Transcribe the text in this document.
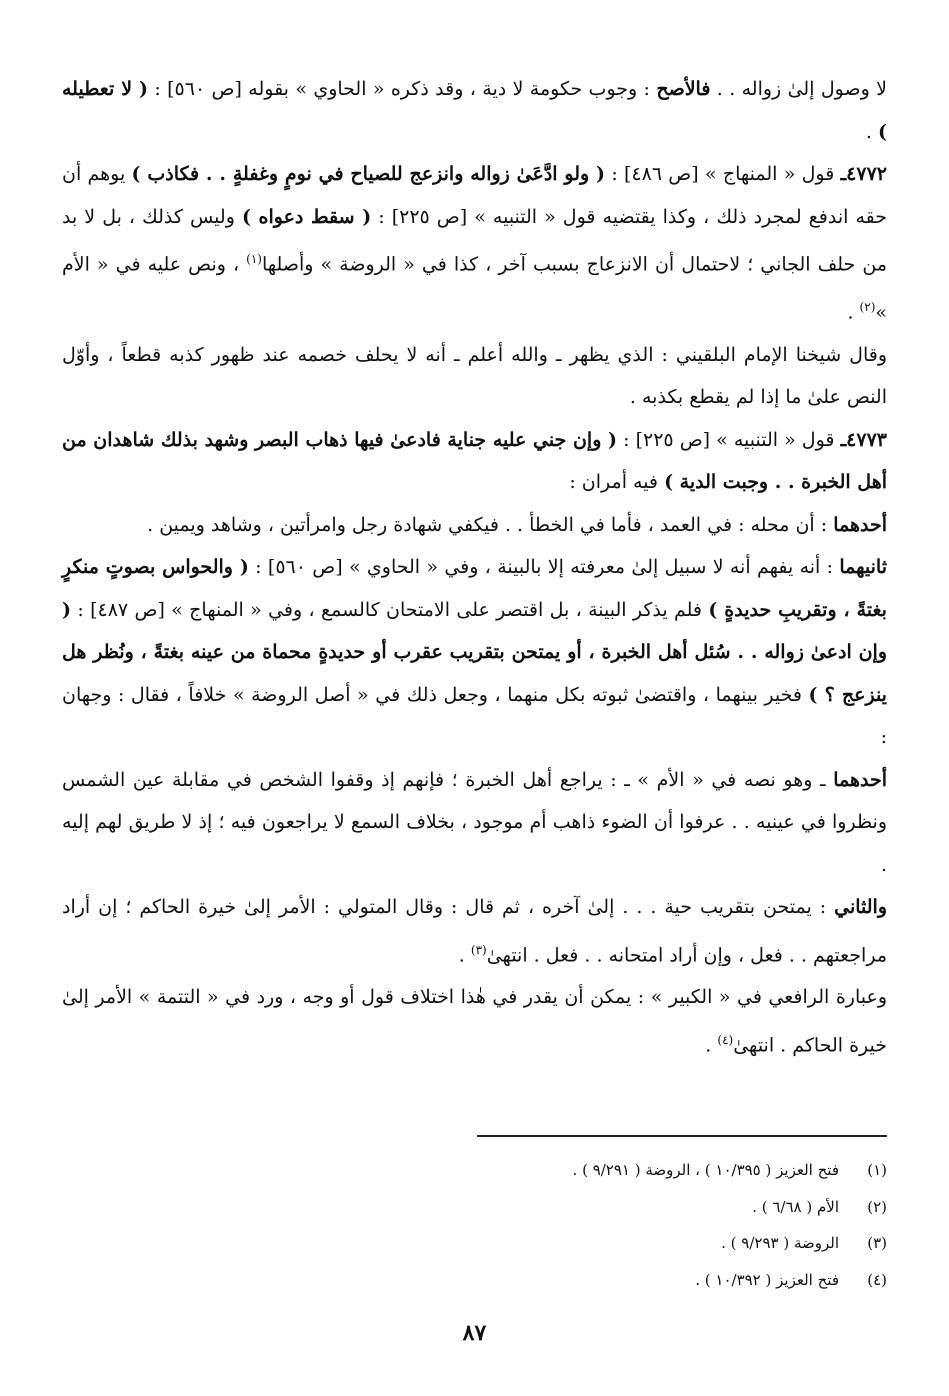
لا وصول إلىٰ زواله . . فالأصح : وجوب حكومة لا دية ، وقد ذكره « الحاوي » بقوله [ص ٥٦٠] : ( لا تعطيله ) .

٤٧٧٢ـ قول « المنهاج » [ص ٤٨٦] : ( ولو ادَّعَىٰ زواله وانزعج للصياح في نومٍ وغفلةٍ . . فكاذب ) يوهم أن حقه اندفع لمجرد ذلك ، وكذا يقتضيه قول « التنبيه » [ص ٢٢٥] : ( سقط دعواه ) وليس كذلك ، بل لا بد من حلف الجاني ؛ لاحتمال أن الانزعاج بسبب آخر ، كذا في « الروضة » وأصلها$^{(١)}$ ، ونص عليه في « الأم »$^{(٢)}$ .

وقال شيخنا الإمام البلقيني : الذي يظهر ـ والله أعلم ـ أنه لا يحلف خصمه عند ظهور كذبه قطعاً ، وأوّل النص علىٰ ما إذا لم يقطع بكذبه .

٤٧٧٣ـ قول « التنبيه » [ص ٢٢٥] : ( وإن جني عليه جناية فادعىٰ فيها ذهاب البصر وشهد بذلك شاهدان من أهل الخبرة . . وجبت الدية ) فيه أمران :

أحدهما : أن محله : في العمد ، فأما في الخطأ . . فيكفي شهادة رجل وامرأتين ، وشاهد ويمين .

ثانيهما : أنه يفهم أنه لا سبيل إلىٰ معرفته إلا بالبينة ، وفي « الحاوي » [ص ٥٦٠] : ( والحواس بصوتٍ منكرٍ بغتةً ، وتقريبِ حديدةٍ ) فلم يذكر البينة ، بل اقتصر على الامتحان كالسمع ، وفي « المنهاج » [ص ٤٨٧] : ( وإن ادعىٰ زواله . . سُئل أهل الخبرة ، أو يمتحن بتقريب عقرب أو حديدةٍ محماة من عينه بغتةً ، ونُظر هل ينزعج ؟ ) فخير بينهما ، واقتضىٰ ثبوته بكل منهما ، وجعل ذلك في « أصل الروضة » خلافاً ، فقال : وجهان :

أحدهما ـ وهو نصه في « الأم » ـ : يراجع أهل الخبرة ؛ فإنهم إذ وقفوا الشخص في مقابلة عين الشمس ونظروا في عينيه . . عرفوا أن الضوء ذاهب أم موجود ، بخلاف السمع لا يراجعون فيه ؛ إذ لا طريق لهم إليه .

والثاني : يمتحن بتقريب حية . . . إلىٰ آخره ، ثم قال : وقال المتولي : الأمر إلىٰ خيرة الحاكم ؛ إن أراد مراجعتهم . . فعل ، وإن أراد امتحانه . . فعل . انتهىٰ$^{(٣)}$ .

وعبارة الرافعي في « الكبير » : يمكن أن يقدر في هٰذا اختلاف قول أو وجه ، ورد في « التتمة » الأمر إلىٰ خيرة الحاكم . انتهىٰ$^{(٤)}$ .

(١)فتح العزيز ( ١٠/٣٩٥ ) ، الروضة ( ٩/٢٩١ ) .
(٢)الأم ( ٦/٦٨ ) .
(٣)الروضة ( ٩/٢٩٣ ) .
(٤)فتح العزيز ( ١٠/٣٩٢ ) .
٨٧
